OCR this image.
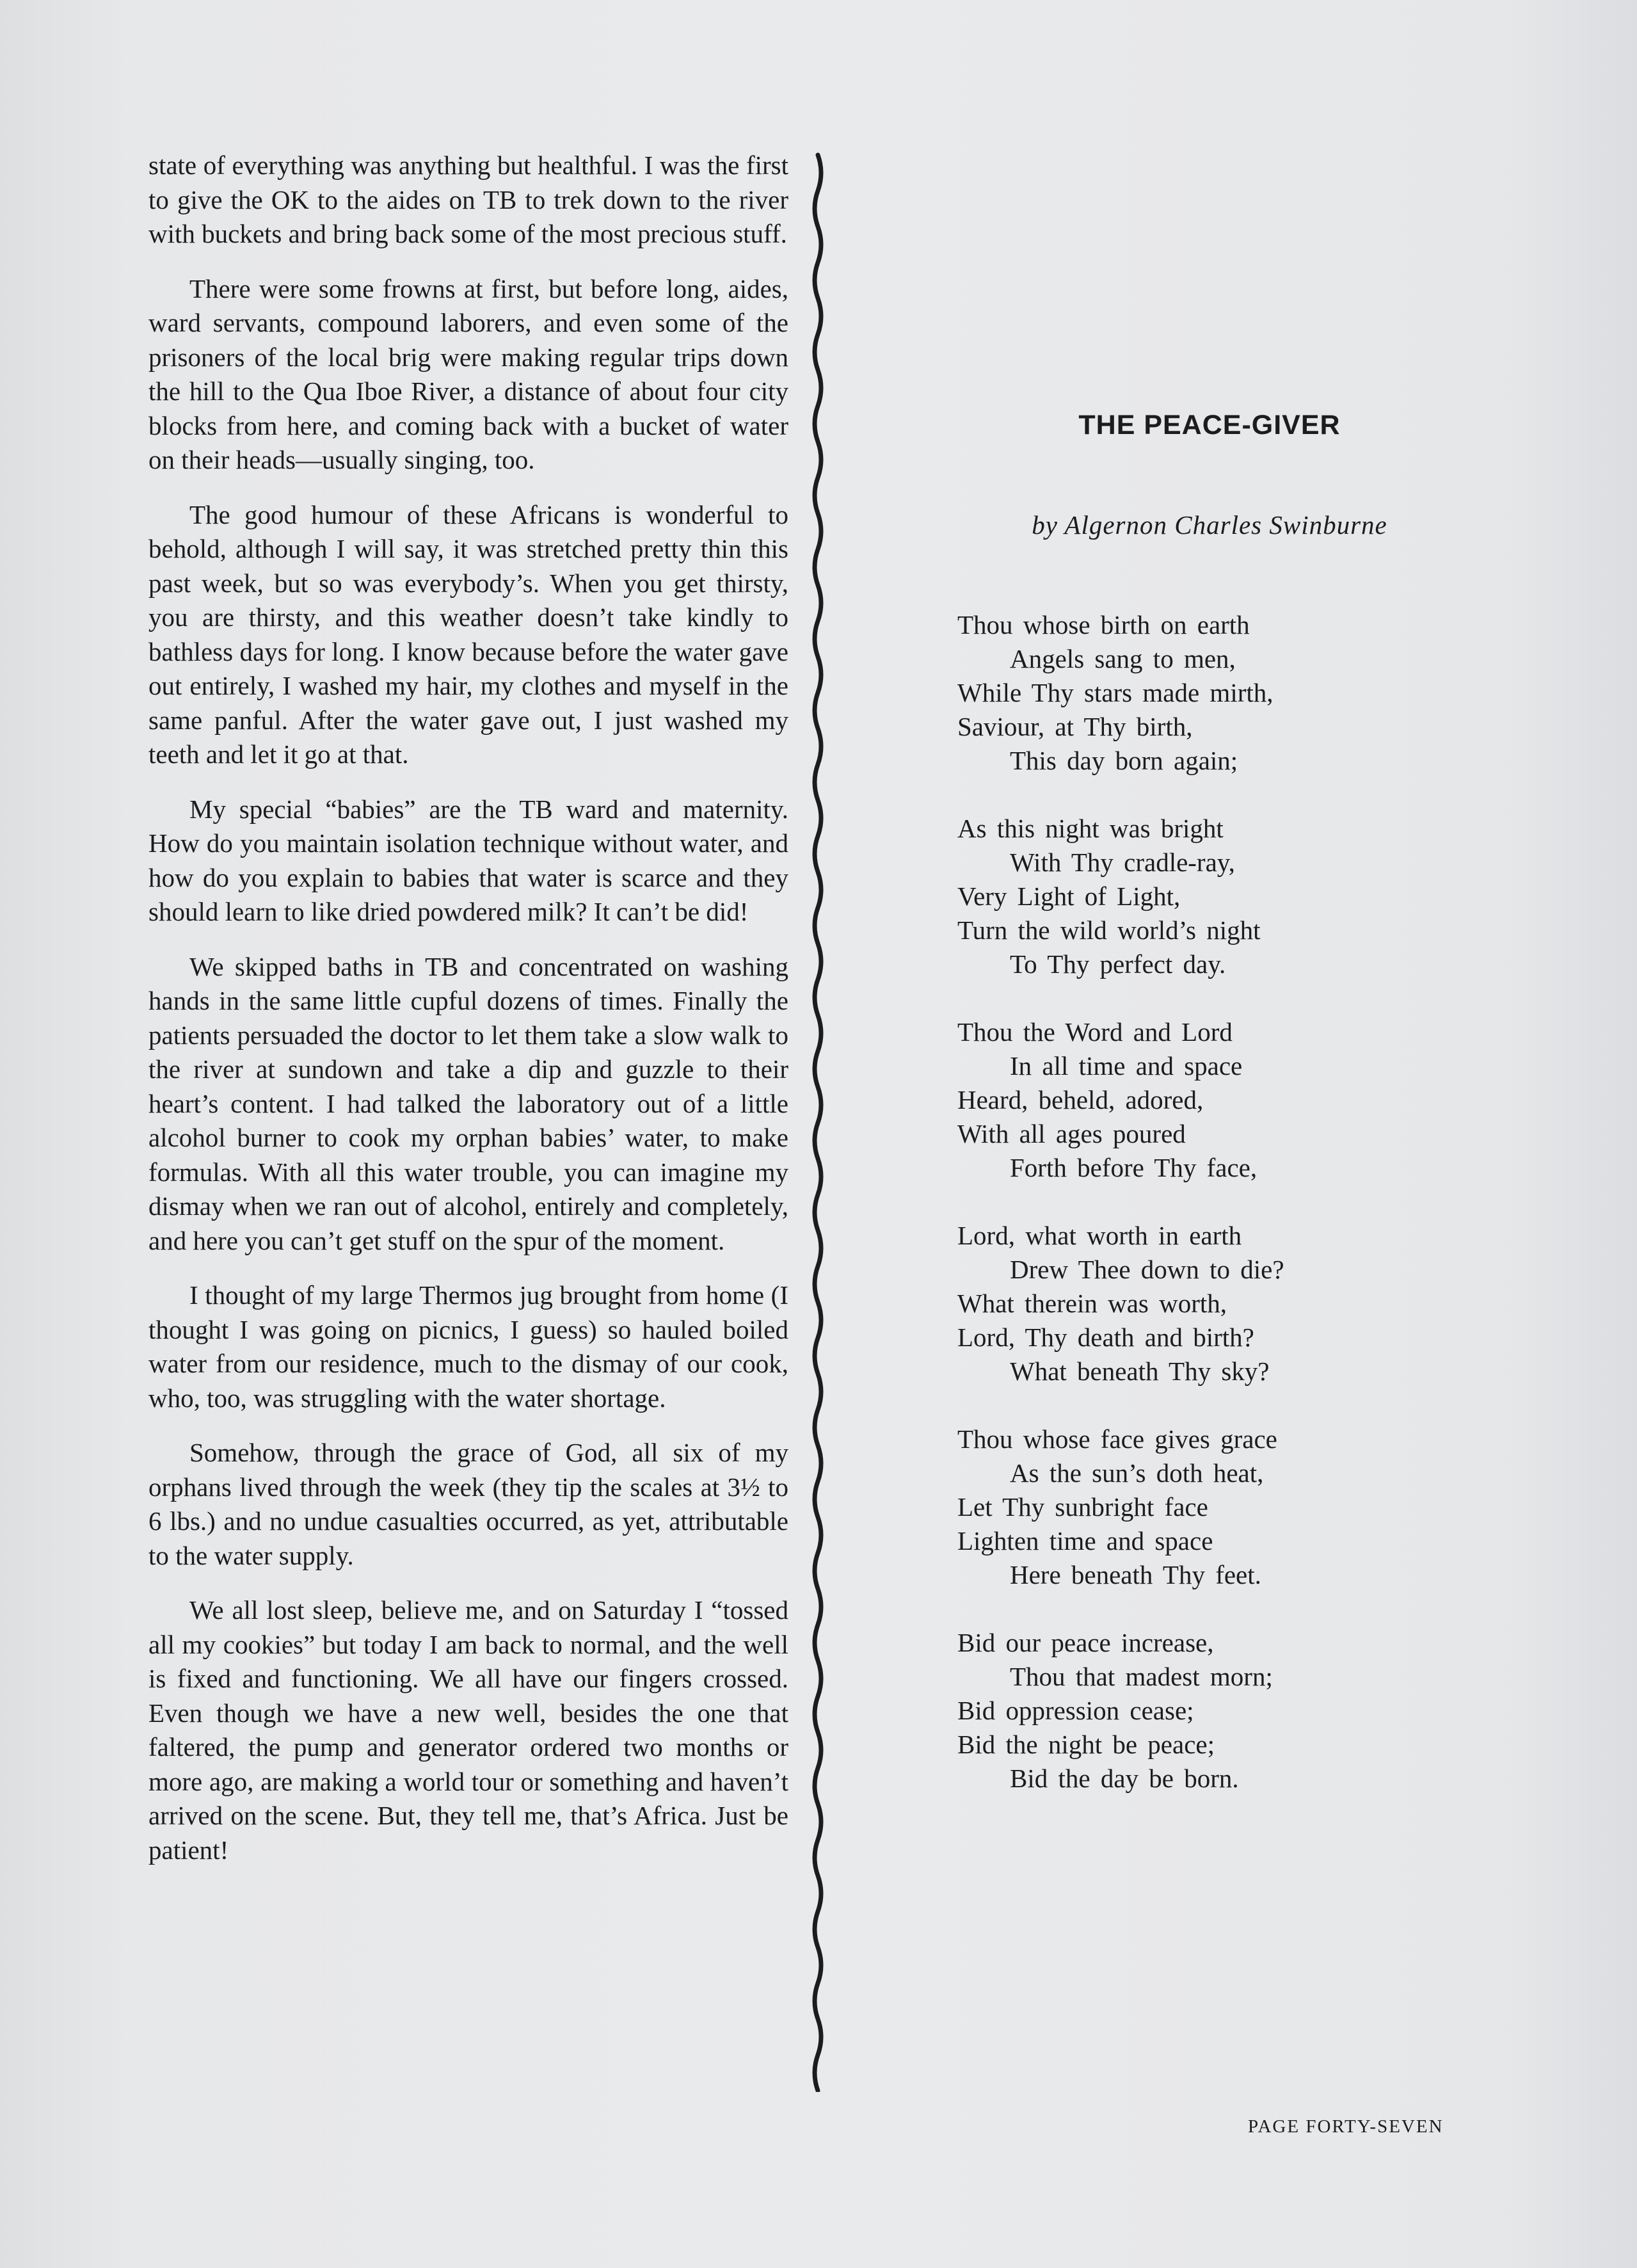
state of everything was anything but healthful. I was the first to give the OK to the aides on TB to trek down to the river with buckets and bring back some of the most precious stuff.

There were some frowns at first, but before long, aides, ward servants, compound laborers, and even some of the prisoners of the local brig were making regular trips down the hill to the Qua Iboe River, a distance of about four city blocks from here, and coming back with a bucket of water on their heads—usually singing, too.

The good humour of these Africans is wonderful to behold, although I will say, it was stretched pretty thin this past week, but so was everybody’s. When you get thirsty, you are thirsty, and this weather doesn’t take kindly to bathless days for long. I know because before the water gave out entirely, I washed my hair, my clothes and myself in the same panful. After the water gave out, I just washed my teeth and let it go at that.

My special “babies” are the TB ward and maternity. How do you maintain isolation technique without water, and how do you explain to babies that water is scarce and they should learn to like dried powdered milk? It can’t be did!

We skipped baths in TB and concentrated on washing hands in the same little cupful dozens of times. Finally the patients persuaded the doctor to let them take a slow walk to the river at sundown and take a dip and guzzle to their heart’s content. I had talked the laboratory out of a little alcohol burner to cook my orphan babies’ water, to make formulas. With all this water trouble, you can imagine my dismay when we ran out of alcohol, entirely and completely, and here you can’t get stuff on the spur of the moment.

I thought of my large Thermos jug brought from home (I thought I was going on picnics, I guess) so hauled boiled water from our residence, much to the dismay of our cook, who, too, was struggling with the water shortage.

Somehow, through the grace of God, all six of my orphans lived through the week (they tip the scales at 3½ to 6 lbs.) and no undue casualties occurred, as yet, attributable to the water supply.

We all lost sleep, believe me, and on Saturday I “tossed all my cookies” but today I am back to normal, and the well is fixed and functioning. We all have our fingers crossed. Even though we have a new well, besides the one that faltered, the pump and generator ordered two months or more ago, are making a world tour or something and haven’t arrived on the scene. But, they tell me, that’s Africa. Just be patient!

THE PEACE-GIVER

by Algernon Charles Swinburne

Thou whose birth on earth
Angels sang to men,
While Thy stars made mirth,
Saviour, at Thy birth,
This day born again;
As this night was bright
With Thy cradle-ray,
Very Light of Light,
Turn the wild world’s night
To Thy perfect day.
Thou the Word and Lord
In all time and space
Heard, beheld, adored,
With all ages poured
Forth before Thy face,
Lord, what worth in earth
Drew Thee down to die?
What therein was worth,
Lord, Thy death and birth?
What beneath Thy sky?
Thou whose face gives grace
As the sun’s doth heat,
Let Thy sunbright face
Lighten time and space
Here beneath Thy feet.
Bid our peace increase,
Thou that madest morn;
Bid oppression cease;
Bid the night be peace;
Bid the day be born.

PAGE FORTY-SEVEN
